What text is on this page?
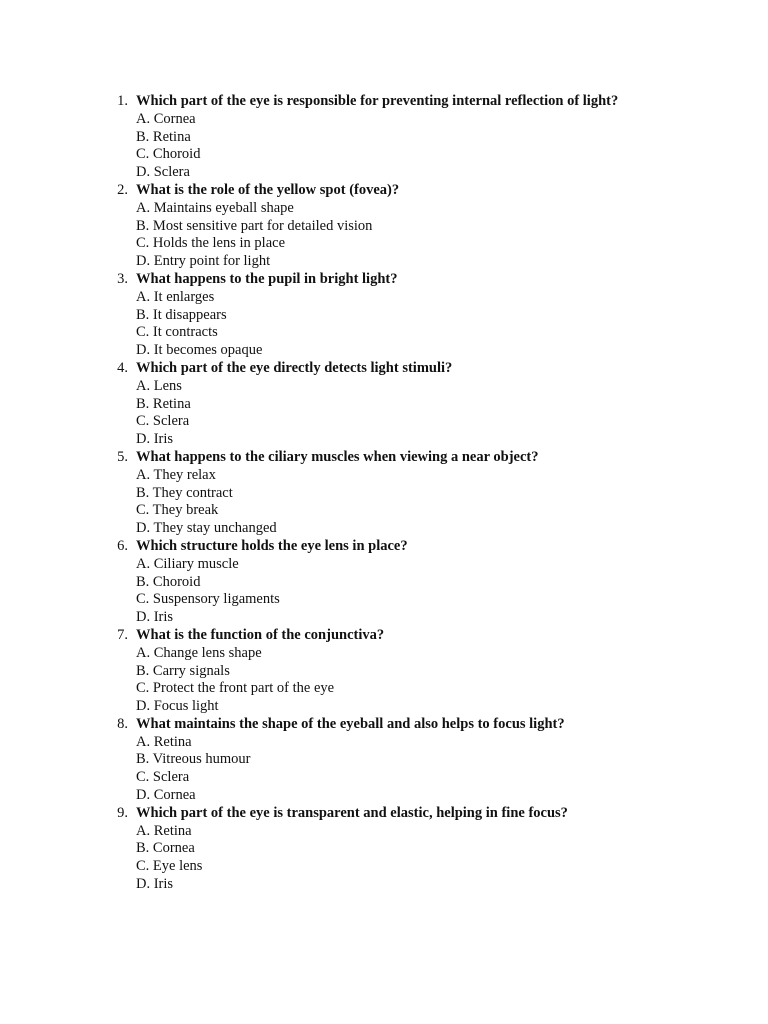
1. Which part of the eye is responsible for preventing internal reflection of light?
A. Cornea
B. Retina
C. Choroid
D. Sclera
2. What is the role of the yellow spot (fovea)?
A. Maintains eyeball shape
B. Most sensitive part for detailed vision
C. Holds the lens in place
D. Entry point for light
3. What happens to the pupil in bright light?
A. It enlarges
B. It disappears
C. It contracts
D. It becomes opaque
4. Which part of the eye directly detects light stimuli?
A. Lens
B. Retina
C. Sclera
D. Iris
5. What happens to the ciliary muscles when viewing a near object?
A. They relax
B. They contract
C. They break
D. They stay unchanged
6. Which structure holds the eye lens in place?
A. Ciliary muscle
B. Choroid
C. Suspensory ligaments
D. Iris
7. What is the function of the conjunctiva?
A. Change lens shape
B. Carry signals
C. Protect the front part of the eye
D. Focus light
8. What maintains the shape of the eyeball and also helps to focus light?
A. Retina
B. Vitreous humour
C. Sclera
D. Cornea
9. Which part of the eye is transparent and elastic, helping in fine focus?
A. Retina
B. Cornea
C. Eye lens
D. Iris
